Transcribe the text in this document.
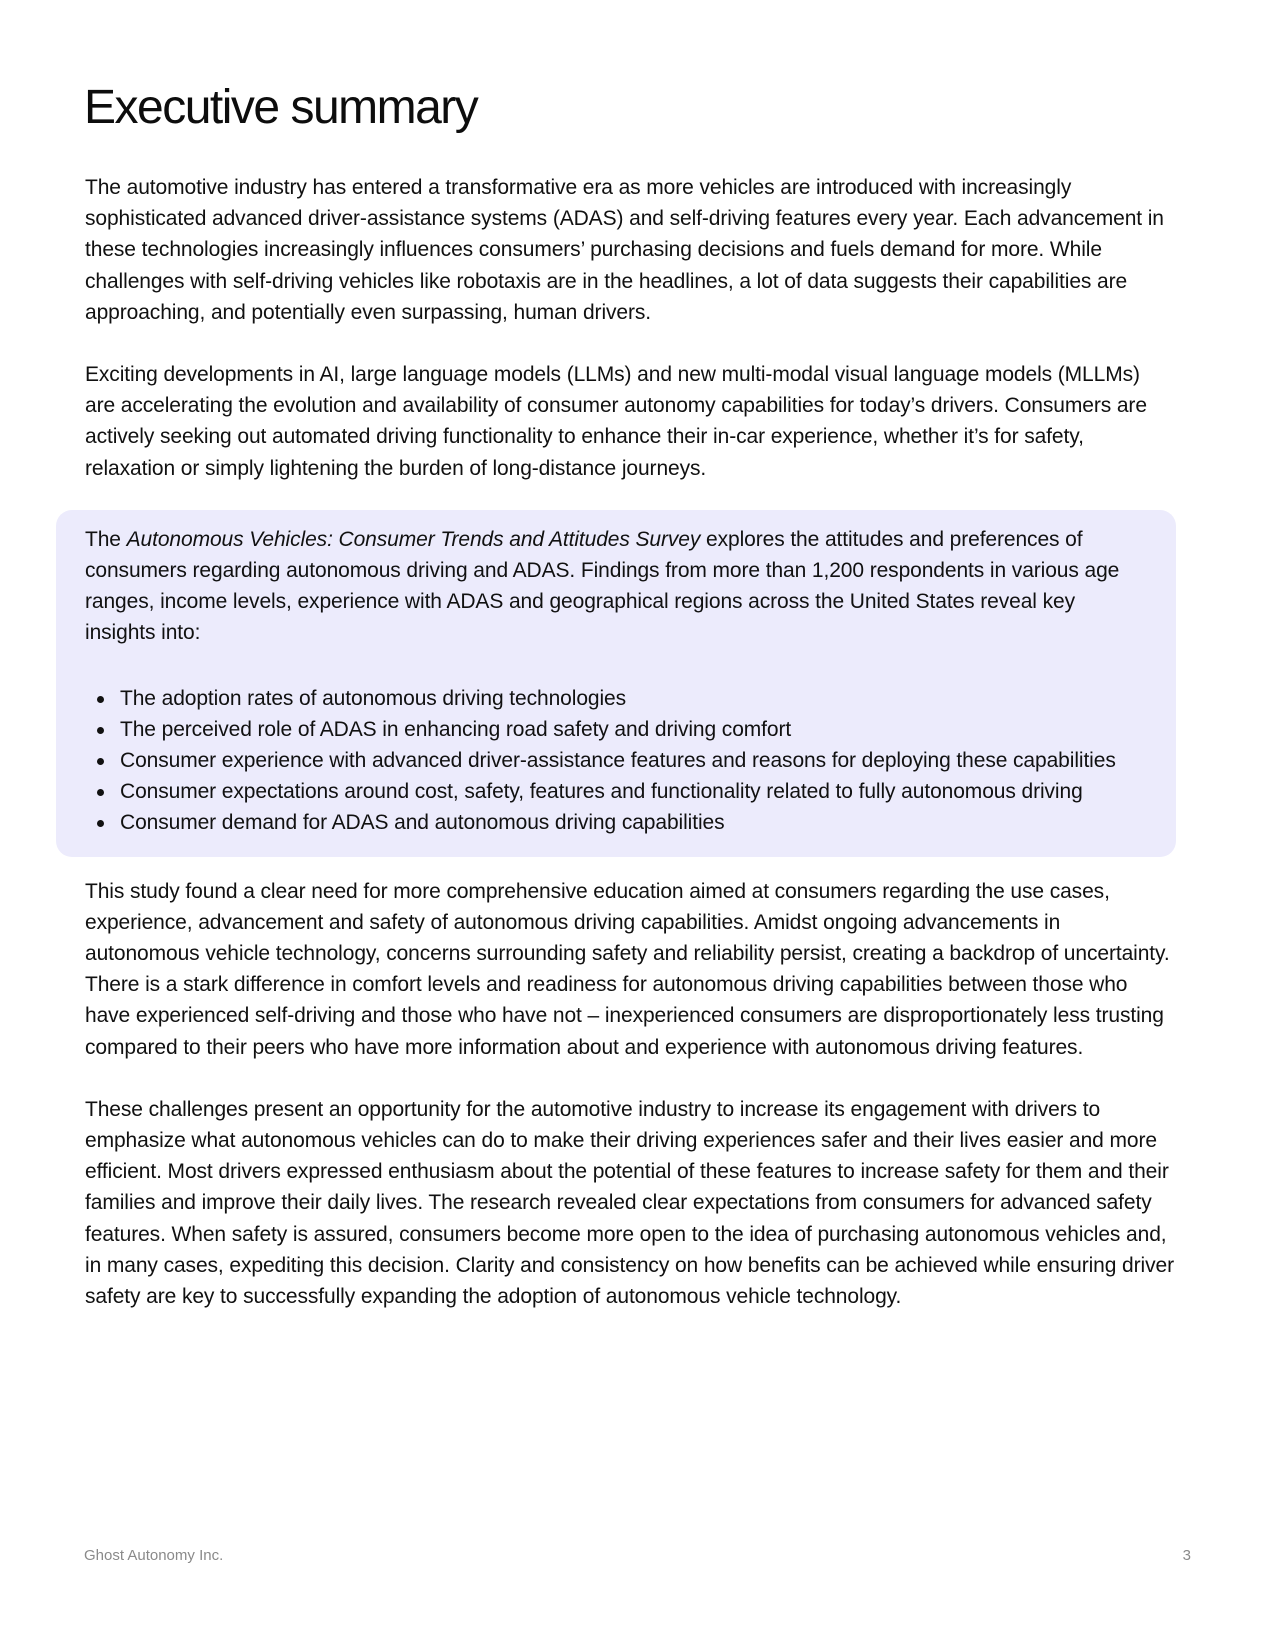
Executive summary

The automotive industry has entered a transformative era as more vehicles are introduced with increasingly sophisticated advanced driver-assistance systems (ADAS) and self-driving features every year. Each advancement in these technologies increasingly influences consumers’ purchasing decisions and fuels demand for more. While challenges with self-driving vehicles like robotaxis are in the headlines, a lot of data suggests their capabilities are approaching, and potentially even surpassing, human drivers.

Exciting developments in AI, large language models (LLMs) and new multi-modal visual language models (MLLMs) are accelerating the evolution and availability of consumer autonomy capabilities for today’s drivers. Consumers are actively seeking out automated driving functionality to enhance their in-car experience, whether it’s for safety, relaxation or simply lightening the burden of long-distance journeys.

The Autonomous Vehicles: Consumer Trends and Attitudes Survey explores the attitudes and preferences of consumers regarding autonomous driving and ADAS. Findings from more than 1,200 respondents in various age ranges, income levels, experience with ADAS and geographical regions across the United States reveal key insights into:

The adoption rates of autonomous driving technologies
The perceived role of ADAS in enhancing road safety and driving comfort
Consumer experience with advanced driver-assistance features and reasons for deploying these capabilities
Consumer expectations around cost, safety, features and functionality related to fully autonomous driving
Consumer demand for ADAS and autonomous driving capabilities

This study found a clear need for more comprehensive education aimed at consumers regarding the use cases, experience, advancement and safety of autonomous driving capabilities. Amidst ongoing advancements in autonomous vehicle technology, concerns surrounding safety and reliability persist, creating a backdrop of uncertainty. There is a stark difference in comfort levels and readiness for autonomous driving capabilities between those who have experienced self-driving and those who have not – inexperienced consumers are disproportionately less trusting compared to their peers who have more information about and experience with autonomous driving features.

These challenges present an opportunity for the automotive industry to increase its engagement with drivers to emphasize what autonomous vehicles can do to make their driving experiences safer and their lives easier and more efficient. Most drivers expressed enthusiasm about the potential of these features to increase safety for them and their families and improve their daily lives. The research revealed clear expectations from consumers for advanced safety features. When safety is assured, consumers become more open to the idea of purchasing autonomous vehicles and, in many cases, expediting this decision. Clarity and consistency on how benefits can be achieved while ensuring driver safety are key to successfully expanding the adoption of autonomous vehicle technology.

Ghost Autonomy Inc.	3
